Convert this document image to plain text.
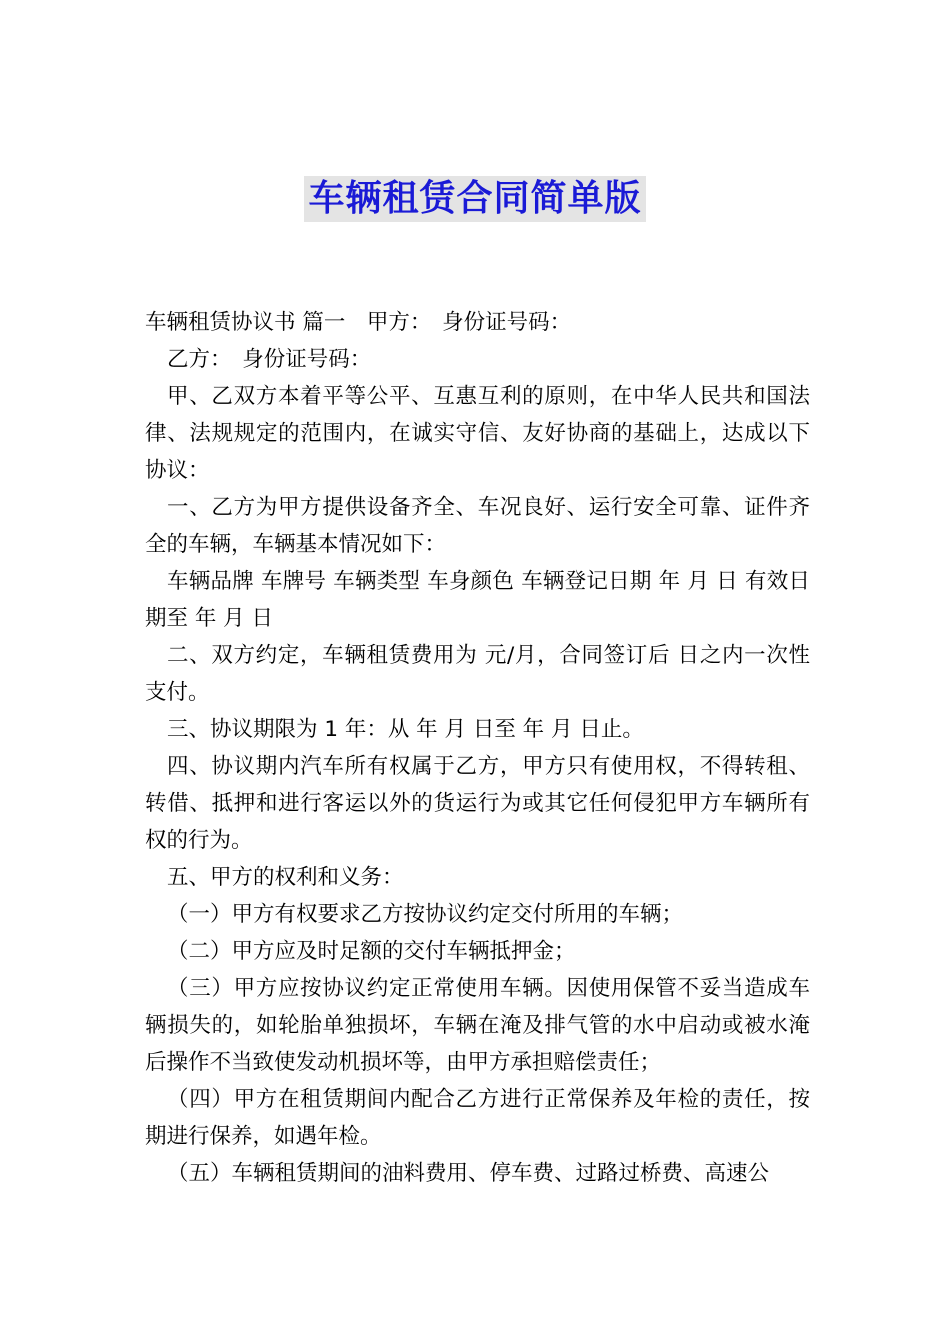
车辆租赁合同简单版

车辆租赁协议书 篇一　甲方：　身份证号码：

乙方：　身份证号码：

甲、乙双方本着平等公平、互惠互利的原则，在中华人民共和国法律、法规规定的范围内，在诚实守信、友好协商的基础上，达成以下协议：

一、乙方为甲方提供设备齐全、车况良好、运行安全可靠、证件齐全的车辆，车辆基本情况如下：

车辆品牌 车牌号 车辆类型 车身颜色 车辆登记日期 年 月 日 有效日期至 年 月 日

二、双方约定，车辆租赁费用为 元/月，合同签订后 日之内一次性支付。

三、协议期限为 1 年：从 年 月 日至 年 月 日止。

四、协议期内汽车所有权属于乙方，甲方只有使用权，不得转租、转借、抵押和进行客运以外的货运行为或其它任何侵犯甲方车辆所有权的行为。

五、甲方的权利和义务：

（一）甲方有权要求乙方按协议约定交付所用的车辆；

（二）甲方应及时足额的交付车辆抵押金；

（三）甲方应按协议约定正常使用车辆。因使用保管不妥当造成车辆损失的，如轮胎单独损坏，车辆在淹及排气管的水中启动或被水淹后操作不当致使发动机损坏等，由甲方承担赔偿责任；

（四）甲方在租赁期间内配合乙方进行正常保养及年检的责任，按期进行保养，如遇年检。

（五）车辆租赁期间的油料费用、停车费、过路过桥费、高速公
